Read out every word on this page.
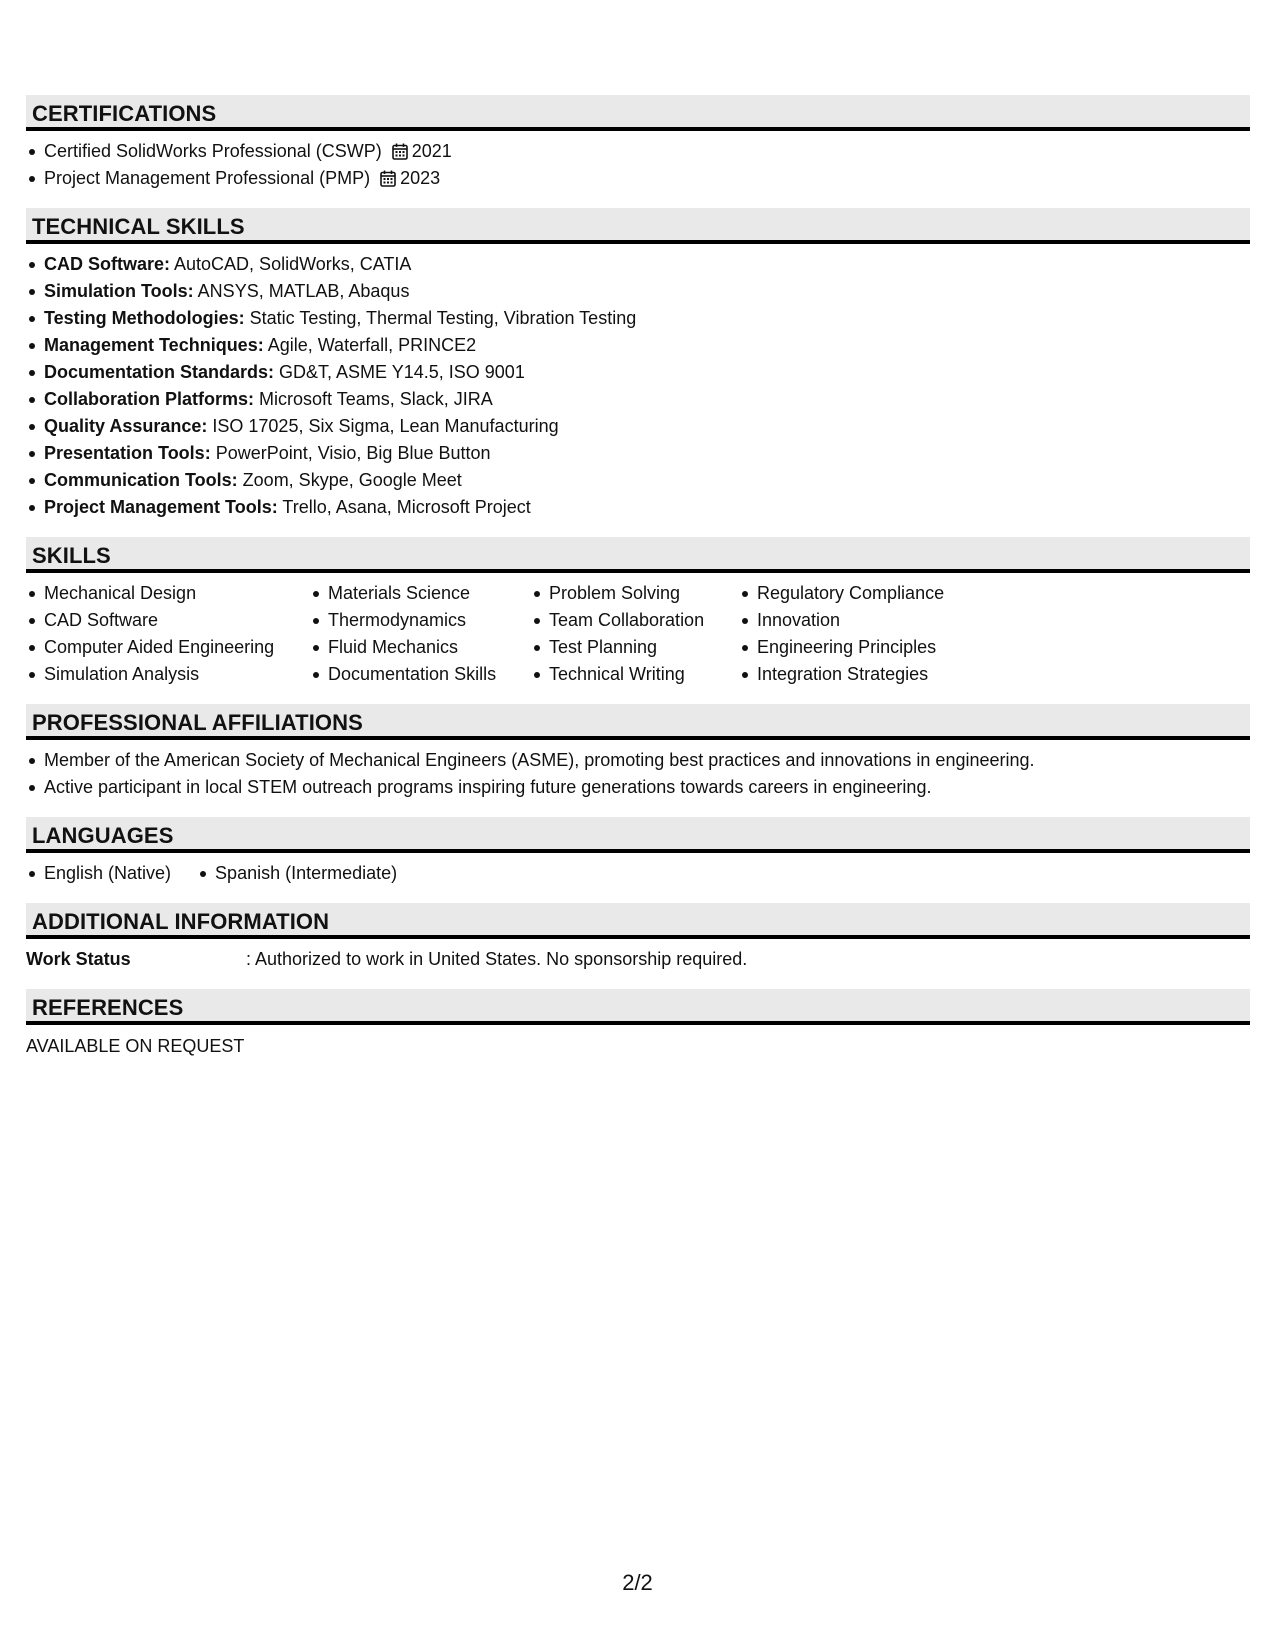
CERTIFICATIONS
Certified SolidWorks Professional (CSWP) 2021
Project Management Professional (PMP) 2023
TECHNICAL SKILLS
CAD Software: AutoCAD, SolidWorks, CATIA
Simulation Tools: ANSYS, MATLAB, Abaqus
Testing Methodologies: Static Testing, Thermal Testing, Vibration Testing
Management Techniques: Agile, Waterfall, PRINCE2
Documentation Standards: GD&T, ASME Y14.5, ISO 9001
Collaboration Platforms: Microsoft Teams, Slack, JIRA
Quality Assurance: ISO 17025, Six Sigma, Lean Manufacturing
Presentation Tools: PowerPoint, Visio, Big Blue Button
Communication Tools: Zoom, Skype, Google Meet
Project Management Tools: Trello, Asana, Microsoft Project
SKILLS
Mechanical Design
CAD Software
Computer Aided Engineering
Simulation Analysis
Materials Science
Thermodynamics
Fluid Mechanics
Documentation Skills
Problem Solving
Team Collaboration
Test Planning
Technical Writing
Regulatory Compliance
Innovation
Engineering Principles
Integration Strategies
PROFESSIONAL AFFILIATIONS
Member of the American Society of Mechanical Engineers (ASME), promoting best practices and innovations in engineering.
Active participant in local STEM outreach programs inspiring future generations towards careers in engineering.
LANGUAGES
English (Native)	Spanish (Intermediate)
ADDITIONAL INFORMATION
Work Status	: Authorized to work in United States. No sponsorship required.
REFERENCES
AVAILABLE ON REQUEST
2/2
